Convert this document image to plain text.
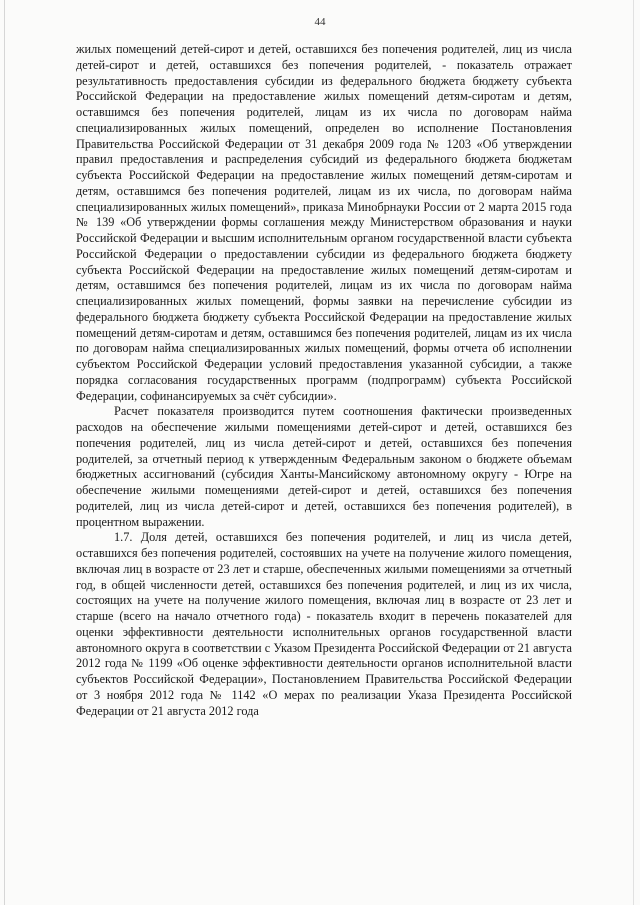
44

жилых помещений детей-сирот и детей, оставшихся без попечения родителей, лиц из числа детей-сирот и детей, оставшихся без попечения родителей, - показатель отражает результативность предоставления субсидии из федерального бюджета бюджету субъекта Российской Федерации на предоставление жилых помещений детям-сиротам и детям, оставшимся без попечения родителей, лицам из их числа по договорам найма специализированных жилых помещений, определен во исполнение Постановления Правительства Российской Федерации от 31 декабря 2009 года № 1203 «Об утверждении правил предоставления и распределения субсидий из федерального бюджета бюджетам субъекта Российской Федерации на предоставление жилых помещений детям-сиротам и детям, оставшимся без попечения родителей, лицам из их числа, по договорам найма специализированных жилых помещений», приказа Минобрнауки России от 2 марта 2015 года № 139 «Об утверждении формы соглашения между Министерством образования и науки Российской Федерации и высшим исполнительным органом государственной власти субъекта Российской Федерации о предоставлении субсидии из федерального бюджета бюджету субъекта Российской Федерации на предоставление жилых помещений детям-сиротам и детям, оставшимся без попечения родителей, лицам из их числа по договорам найма специализированных жилых помещений, формы заявки на перечисление субсидии из федерального бюджета бюджету субъекта Российской Федерации на предоставление жилых помещений детям-сиротам и детям, оставшимся без попечения родителей, лицам из их числа по договорам найма специализированных жилых помещений, формы отчета об исполнении субъектом Российской Федерации условий предоставления указанной субсидии, а также порядка согласования государственных программ (подпрограмм) субъекта Российской Федерации, софинансируемых за счёт субсидии».

Расчет показателя производится путем соотношения фактически произведенных расходов на обеспечение жилыми помещениями детей-сирот и детей, оставшихся без попечения родителей, лиц из числа детей-сирот и детей, оставшихся без попечения родителей, за отчетный период к утвержденным Федеральным законом о бюджете объемам бюджетных ассигнований (субсидия Ханты-Мансийскому автономному округу - Югре на обеспечение жилыми помещениями детей-сирот и детей, оставшихся без попечения родителей, лиц из числа детей-сирот и детей, оставшихся без попечения родителей), в процентном выражении.

1.7. Доля детей, оставшихся без попечения родителей, и лиц из числа детей, оставшихся без попечения родителей, состоявших на учете на получение жилого помещения, включая лиц в возрасте от 23 лет и старше, обеспеченных жилыми помещениями за отчетный год, в общей численности детей, оставшихся без попечения родителей, и лиц из их числа, состоящих на учете на получение жилого помещения, включая лиц в возрасте от 23 лет и старше (всего на начало отчетного года) - показатель входит в перечень показателей для оценки эффективности деятельности исполнительных органов государственной власти автономного округа в соответствии с Указом Президента Российской Федерации от 21 августа 2012 года № 1199 «Об оценке эффективности деятельности органов исполнительной власти субъектов Российской Федерации», Постановлением Правительства Российской Федерации от 3 ноября 2012 года № 1142 «О мерах по реализации Указа Президента Российской Федерации от 21 августа 2012 года
